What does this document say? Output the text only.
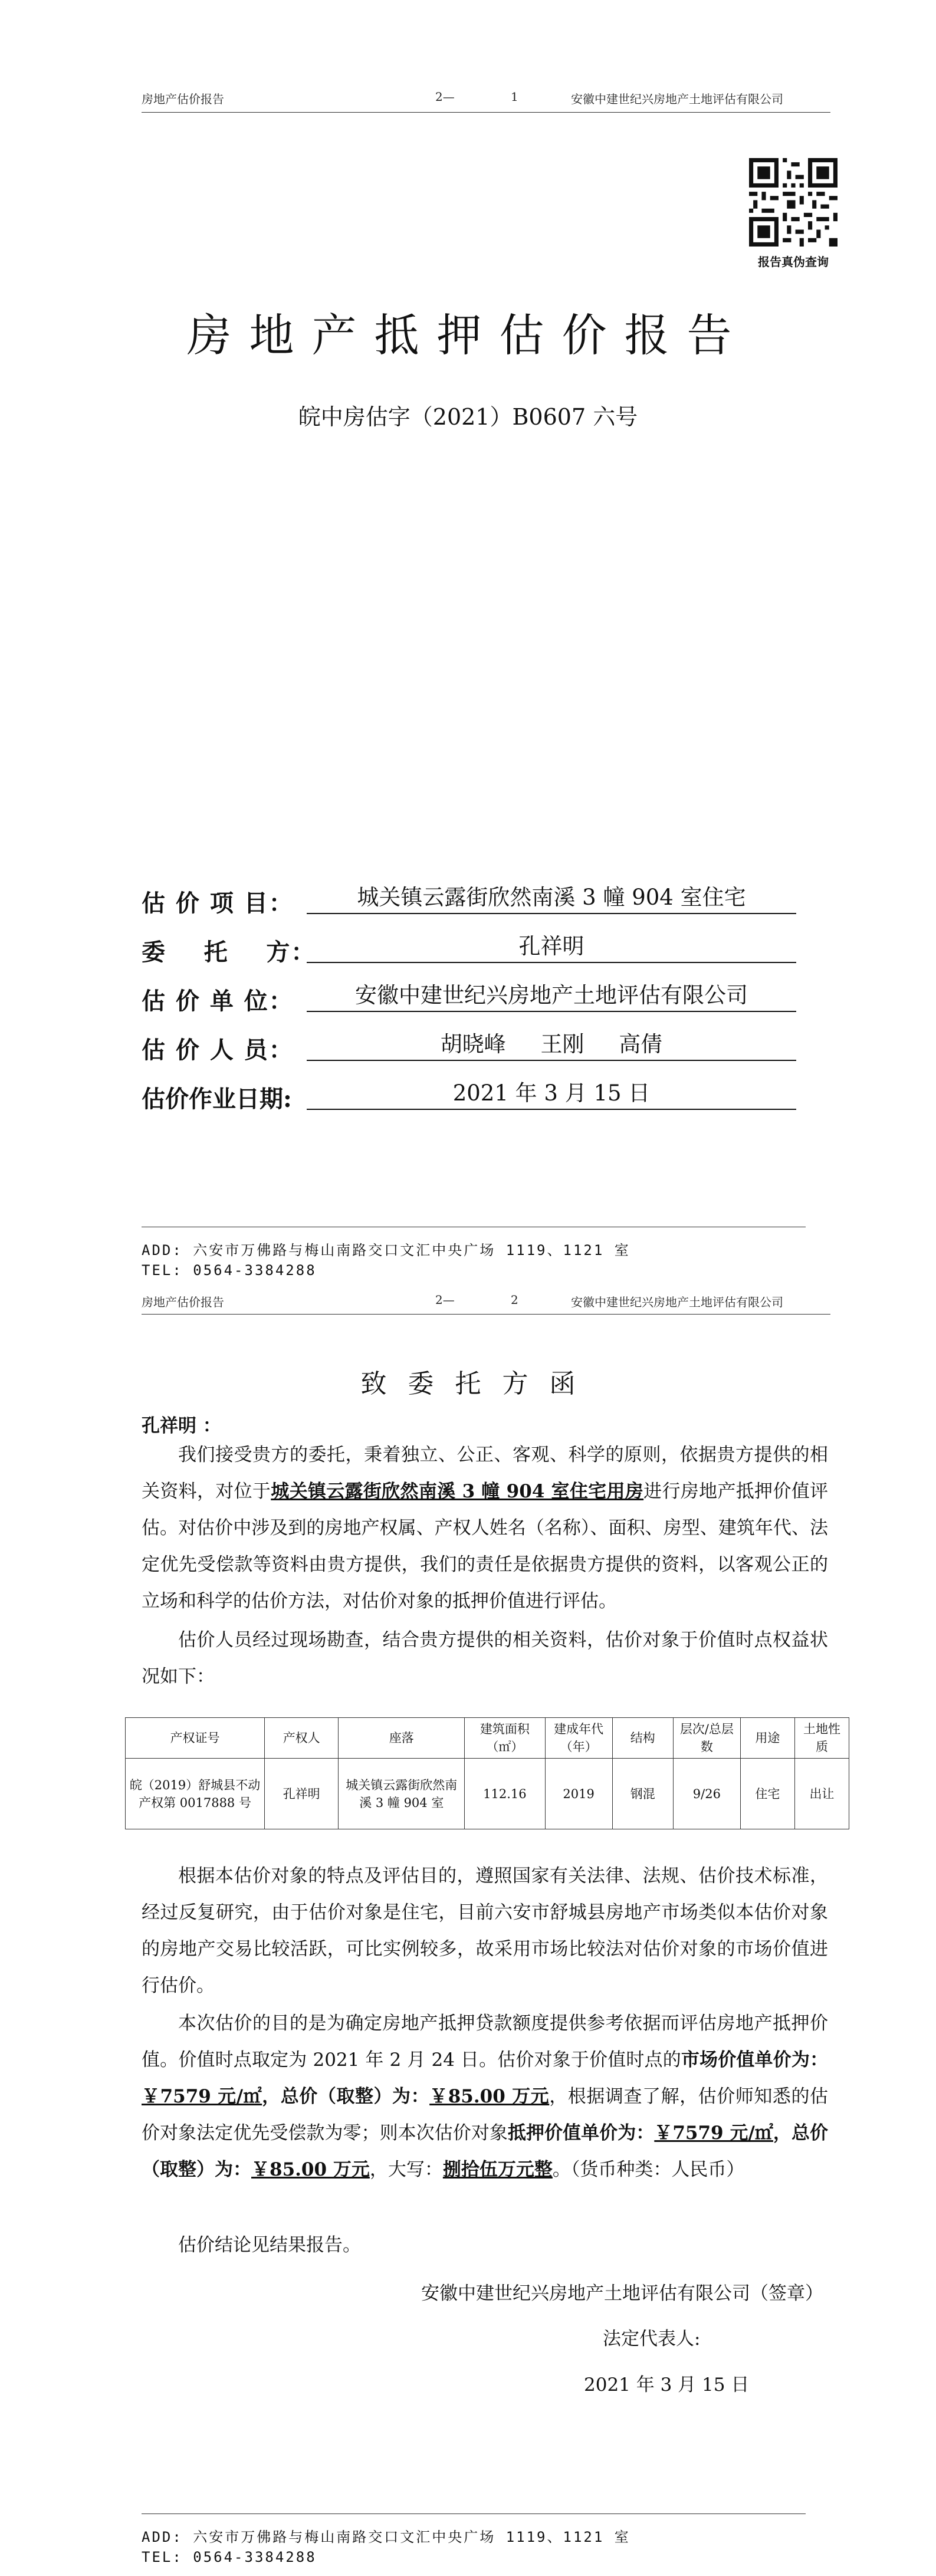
房地产估价报告	2—	1	安徽中建世纪兴房地产土地评估有限公司
报告真伪查询
房地产抵押估价报告
皖中房估字（2021）B0607 六号
估 价 项 目：	城关镇云露街欣然南溪 3 幢 904 室住宅
委    托    方：	孔祥明
估 价 单 位：	安徽中建世纪兴房地产土地评估有限公司
估 价 人 员：	胡晓峰     王刚     高倩
估价作业日期:	2021 年 3 月 15 日
ADD: 六安市万佛路与梅山南路交口文汇中央广场 1119、1121 室
TEL: 0564-3384288
房地产估价报告	2—	2	安徽中建世纪兴房地产土地评估有限公司
致委托方函
孔祥明 ：
我们接受贵方的委托，秉着独立、公正、客观、科学的原则，依据贵方提供的相关资料，对位于城关镇云露街欣然南溪 3 幢 904 室住宅用房进行房地产抵押价值评估。对估价中涉及到的房地产权属、产权人姓名（名称）、面积、房型、建筑年代、法定优先受偿款等资料由贵方提供，我们的责任是依据贵方提供的资料，以客观公正的立场和科学的估价方法，对估价对象的抵押价值进行评估。
估价人员经过现场勘查，结合贵方提供的相关资料，估价对象于价值时点权益状况如下：
产权证号	产权人	座落	建筑面积（㎡）	建成年代（年）	结构	层次/总层数	用途	土地性质
皖（2019）舒城县不动产权第 0017888 号	孔祥明	城关镇云露街欣然南溪 3 幢 904 室	112.16	2019	钢混	9/26	住宅	出让
根据本估价对象的特点及评估目的，遵照国家有关法律、法规、估价技术标准，经过反复研究，由于估价对象是住宅，目前六安市舒城县房地产市场类似本估价对象的房地产交易比较活跃，可比实例较多，故采用市场比较法对估价对象的市场价值进行估价。
本次估价的目的是为确定房地产抵押贷款额度提供参考依据而评估房地产抵押价值。价值时点取定为 2021 年 2 月 24 日。估价对象于价值时点的市场价值单价为：￥7579 元/㎡，总价（取整）为：￥85.00 万元，根据调查了解，估价师知悉的估价对象法定优先受偿款为零；则本次估价对象抵押价值单价为：￥7579 元/㎡，总价（取整）为：￥85.00 万元，大写：捌拾伍万元整。（货币种类：人民币）
估价结论见结果报告。
安徽中建世纪兴房地产土地评估有限公司（签章）
法定代表人:
2021 年 3 月 15 日
ADD: 六安市万佛路与梅山南路交口文汇中央广场 1119、1121 室
TEL: 0564-3384288
